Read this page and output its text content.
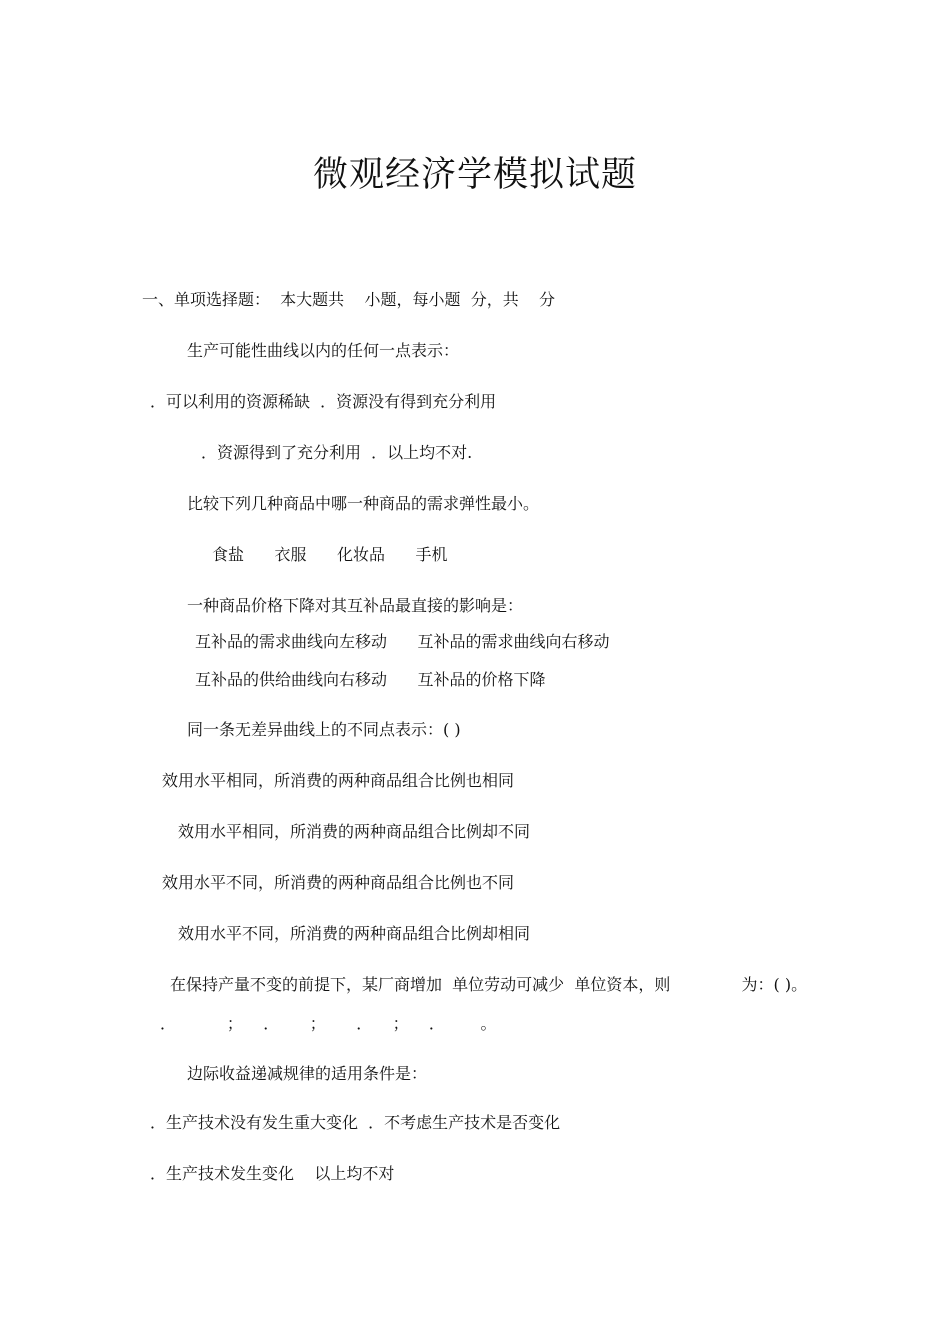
微观经济学模拟试题
一、单项选择题：  本大题共    小题，每小题  分，共    分
生产可能性曲线以内的任何一点表示：
．可以利用的资源稀缺  ．资源没有得到充分利用
．资源得到了充分利用  ．以上均不对.
比较下列几种商品中哪一种商品的需求弹性最小。
食盐      衣服      化妆品      手机
一种商品价格下降对其互补品最直接的影响是：
互补品的需求曲线向左移动      互补品的需求曲线向右移动
互补品的供给曲线向右移动      互补品的价格下降
同一条无差异曲线上的不同点表示：( )
效用水平相同，所消费的两种商品组合比例也相同
效用水平相同，所消费的两种商品组合比例却不同
效用水平不同，所消费的两种商品组合比例也不同
效用水平不同，所消费的两种商品组合比例却相同
在保持产量不变的前提下，某厂商增加  单位劳动可减少  单位资本，则              为：( )。
．          ；    ．      ；      ．    ；    ．       。
边际收益递减规律的适用条件是：
．生产技术没有发生重大变化  ．不考虑生产技术是否变化
．生产技术发生变化    以上均不对
